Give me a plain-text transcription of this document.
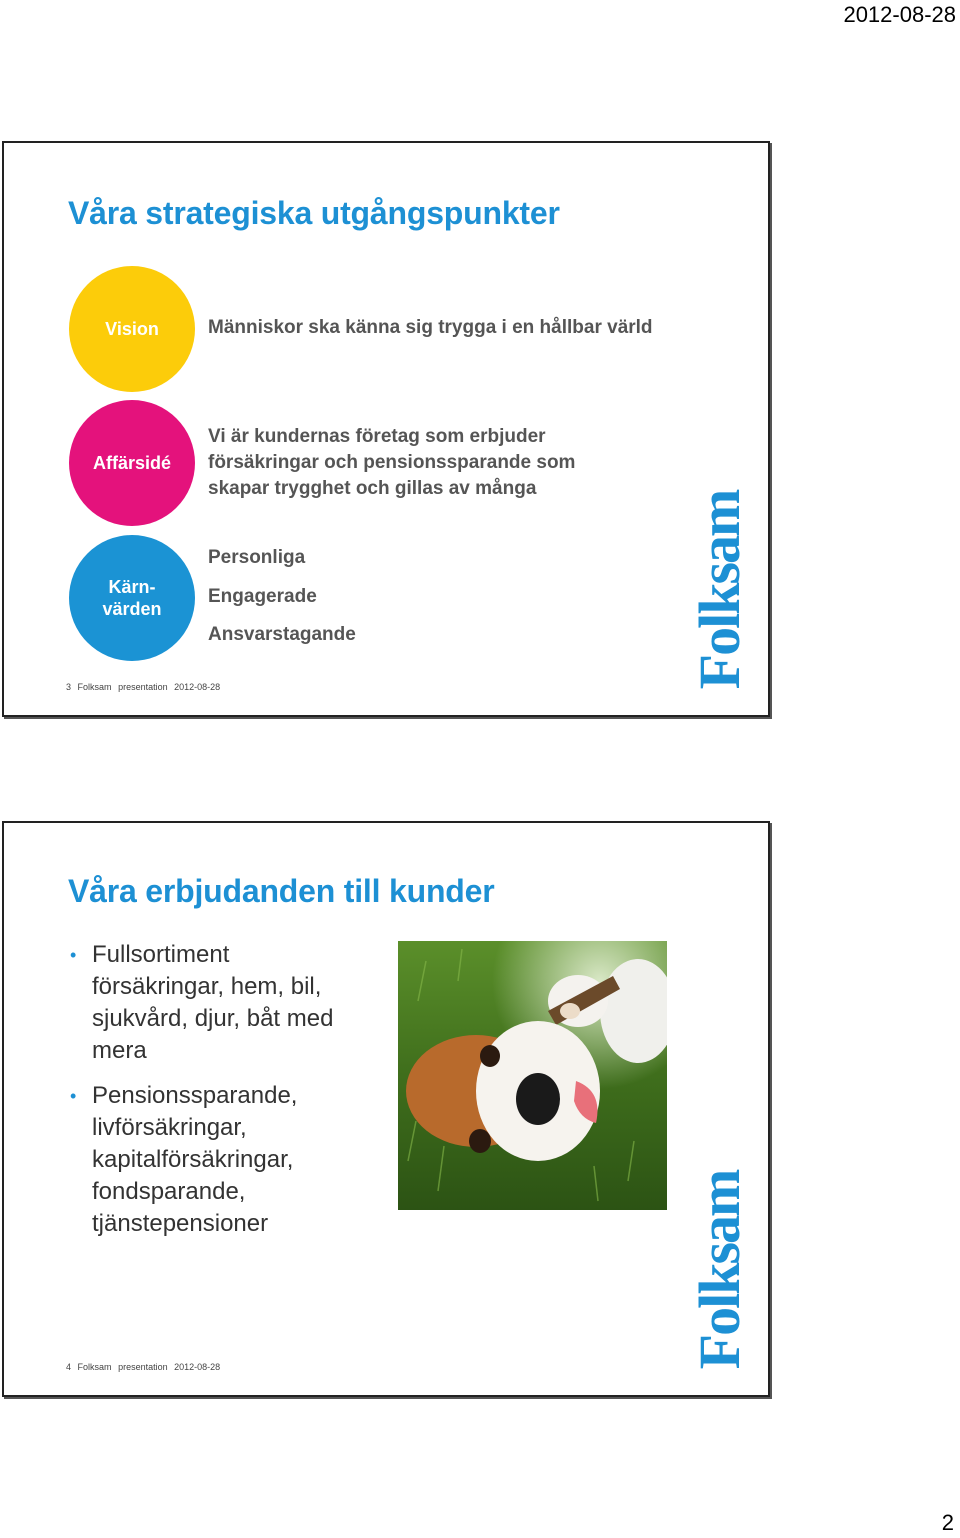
2012-08-28
Våra strategiska utgångspunkter
Vision	Människor ska känna sig trygga i en hållbar värld

Affärsidé
Vi är kundernas företag som erbjuder
försäkringar och pensionssparande som
skapar trygghet och gillas av många
Kärn-
värden
Personliga
Engagerade
Ansvarstagande
3 Folksam presentation 2012-08-28	Folksam
Våra erbjudanden till kunder
• Fullsortiment
försäkringar, hem, bil,
sjukvård, djur, båt med
mera
• Pensionssparande,
livförsäkringar,
kapitalförsäkringar,
fondsparande,
tjänstepensioner
4 Folksam presentation 2012-08-28	Folksam
2
